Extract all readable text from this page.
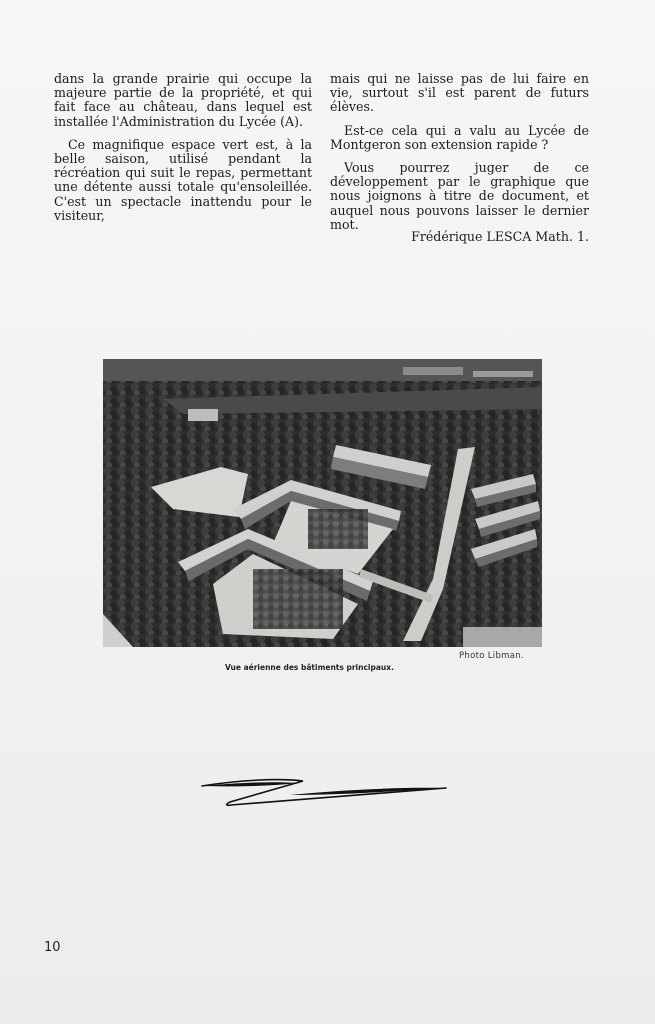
dans la grande prairie qui occupe la majeure partie de la propriété, et qui fait face au château, dans lequel est installée l'Administration du Lycée (A).

Ce magnifique espace vert est, à la belle saison, utilisé pendant la récréation qui suit le repas, permettant une détente aussi totale qu'ensoleillée. C'est un spectacle inattendu pour le visiteur,

mais qui ne laisse pas de lui faire en vie, surtout s'il est parent de futurs élèves.

Est-ce cela qui a valu au Lycée de Montgeron son extension rapide ?

Vous pourrez juger de ce développement par le graphique que nous joignons à titre de document, et auquel nous pouvons laisser le dernier mot.

Frédérique LESCA Math. 1.
Photo Libman.
Vue aérienne des bâtiments principaux.
10
